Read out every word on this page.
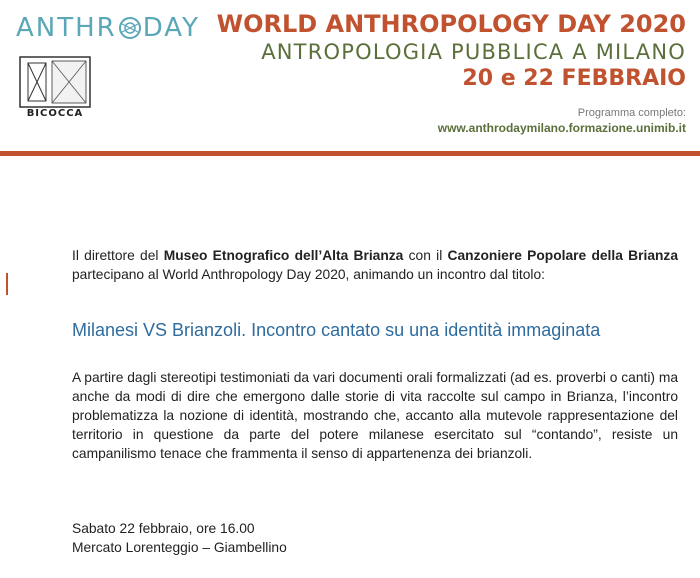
ANTHR DAY
BICOCCA
WORLD ANTHROPOLOGY DAY 2020
ANTROPOLOGIA PUBBLICA A MILANO
20 e 22 FEBBRAIO
Programma completo:
www.anthrodaymilano.formazione.unimib.it

Il direttore del Museo Etnografico dell’Alta Brianza con il Canzoniere Popolare della Brianza partecipano al World Anthropology Day 2020, animando un incontro dal titolo:

Milanesi VS Brianzoli. Incontro cantato su una identità immaginata

A partire dagli stereotipi testimoniati da vari documenti orali formalizzati (ad es. proverbi o canti) ma anche da modi di dire che emergono dalle storie di vita raccolte sul campo in Brianza, l’incontro problematizza la nozione di identità, mostrando che, accanto alla mutevole rappresentazione del territorio in questione da parte del potere milanese esercitato sul “contando”, resiste un campanilismo tenace che frammenta il senso di appartenenza dei brianzoli.

Sabato 22 febbraio, ore 16.00

Mercato Lorenteggio – Giambellino
